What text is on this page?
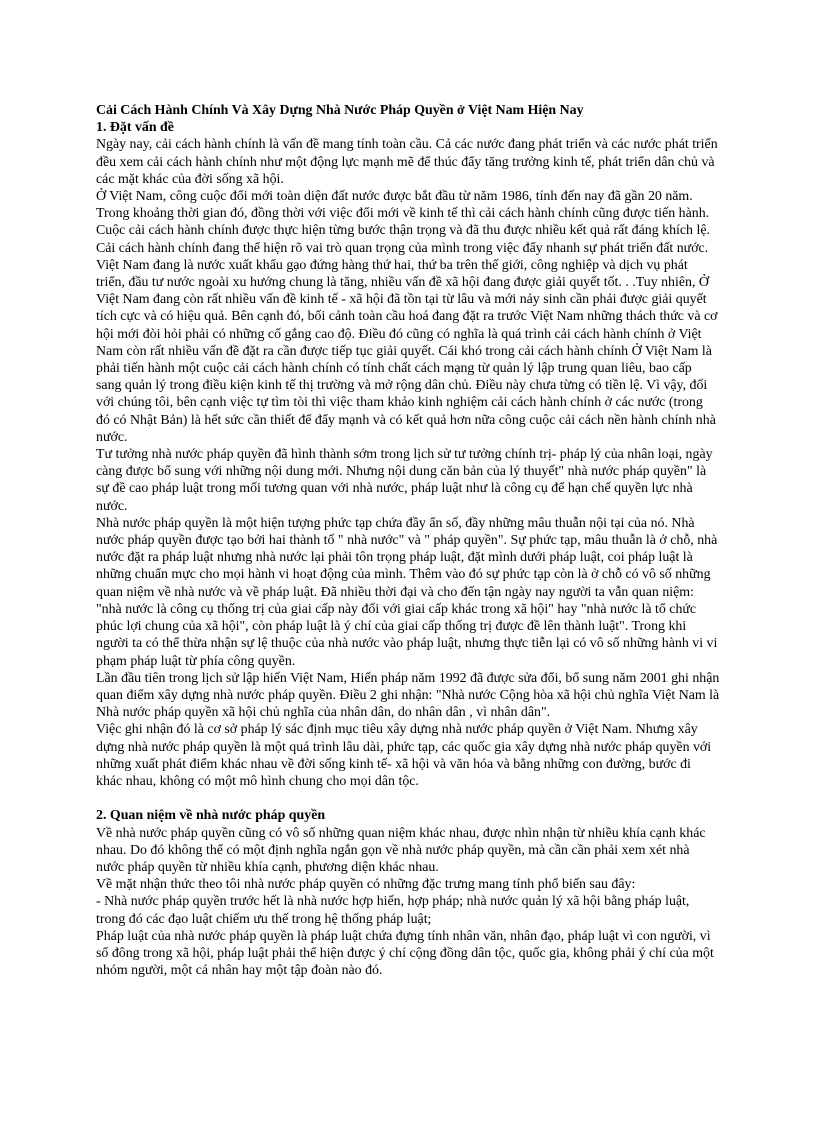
Cải Cách Hành Chính Và Xây Dựng Nhà Nước Pháp Quyền ở Việt Nam Hiện Nay
1. Đặt vấn đề

Ngày nay, cải cách hành chính là vấn đề mang tính toàn cầu. Cả các nước đang phát triển và các nước phát triển đều xem cải cách hành chính như một động lực mạnh mẽ để thúc đẩy tăng trưởng kinh tế, phát triển dân chủ và các mặt khác của đời sống xã hội.

Ở Việt Nam, công cuộc đổi mới toàn diện đất nước được bắt đầu từ năm 1986, tính đến nay đã gần 20 năm. Trong khoảng thời gian đó, đồng thời với việc đổi mới về kinh tế thì cải cách hành chính cũng được tiến hành. Cuộc cải cách hành chính được thực hiện từng bước thận trọng và đã thu được nhiều kết quả rất đáng khích lệ. Cải cách hành chính đang thể hiện rõ vai trò quan trọng của mình trong việc đẩy nhanh sự phát triển đất nước. Việt Nam đang là nước xuất khẩu gạo đứng hàng thứ hai, thứ ba trên thế giới, công nghiệp và dịch vụ phát triển, đầu tư nước ngoài xu hướng chung là tăng, nhiều vấn đề xã hội đang được giải quyết tốt. . .Tuy nhiên, Ở Việt Nam đang còn rất nhiều vấn đề kinh tế - xã hội đã tồn tại từ lâu và mới nảy sinh cần phải được giải quyết tích cực và có hiệu quả. Bên cạnh đó, bối cảnh toàn cầu hoá đang đặt ra trước Việt Nam những thách thức và cơ hội mới đòi hỏi phải có những cố gắng cao độ. Điều đó cũng có nghĩa là quá trình cải cách hành chính ở Việt Nam còn rất nhiều vấn đề đặt ra cần được tiếp tục giải quyết. Cái khó trong cải cách hành chính Ở Việt Nam là phải tiến hành một cuộc cải cách hành chính có tính chất cách mạng từ quản lý lập trung quan liêu, bao cấp sang quản lý trong điều kiện kinh tế thị trường và mở rộng dân chủ. Điều này chưa từng có tiền lệ. Vì vậy, đối với chúng tôi, bên cạnh việc tự tìm tòi thì việc tham khảo kinh nghiệm cải cách hành chính ở các nước (trong đó có Nhật Bản) là hết sức cần thiết để đẩy mạnh và có kết quả hơn nữa công cuộc cải cách nền hành chính nhà nước.

Tư tưởng nhà nước pháp quyền đã hình thành sớm trong lịch sử tư tưởng chính trị- pháp lý của nhân loại, ngày càng được bổ sung với những nội dung mới. Nhưng nội dung căn bản của lý thuyết" nhà nước pháp quyền" là sự đề cao pháp luật trong mối tương quan với nhà nước, pháp luật như là công cụ để hạn chế quyền lực nhà nước.

Nhà nước pháp quyền là một hiện tượng phức tạp chứa đầy ẩn số, đầy những mâu thuẫn nội tại của nó. Nhà nước pháp quyền được tạo bởi hai thành tố " nhà nước" và " pháp quyền". Sự phức tạp, mâu thuẫn là ở chỗ, nhà nước đặt ra pháp luật nhưng nhà nước lại phải tôn trọng pháp luật, đặt mình dưới pháp luật, coi pháp luật là những chuẩn mực cho mọi hành vi hoạt động của mình. Thêm vào đó sự phức tạp còn là ở chỗ có vô số những quan niệm về nhà nước và về pháp luật. Đã nhiều thời đại và cho đến tận ngày nay người ta vẫn quan niệm: "nhà nước là công cụ thống trị của giai cấp này đối với giai cấp khác trong xã hội" hay "nhà nước là tổ chức phúc lợi chung của xã hội", còn pháp luật là ý chí của giai cấp thống trị được đề lên thành luật". Trong khi người ta có thể thừa nhận sự lệ thuộc của nhà nước vào pháp luật, nhưng thực tiễn lại có vô số những hành vi vi phạm pháp luật từ phía công quyền.

Lần đầu tiên trong lịch sử lập hiến Việt Nam, Hiến pháp năm 1992 đã được sửa đổi, bổ sung năm 2001 ghi nhận quan điểm xây dựng nhà nước pháp quyền. Điều 2 ghi nhận: "Nhà nước Cộng hòa xã hội chủ nghĩa Việt Nam là Nhà nước pháp quyền xã hội chủ nghĩa của nhân dân, do nhân dân , vì nhân dân".

Việc ghi nhận đó là cơ sở pháp lý sác định mục tiêu xây dựng nhà nước pháp quyền ở Việt Nam. Nhưng xây dựng nhà nước pháp quyền là một quá trình lâu dài, phức tạp, các quốc gia xây dựng nhà nước pháp quyền với những xuất phát điểm khác nhau về đời sống kinh tế- xã hội và văn hóa và bằng những con đường, bước đi khác nhau, không có một mô hình chung cho mọi dân tộc.

2. Quan niệm về nhà nước pháp quyền

Về nhà nước pháp quyền cũng có vô số những quan niệm khác nhau, được nhìn nhận từ nhiều khía cạnh khác nhau. Do đó không thể có một định nghĩa ngắn gọn về nhà nước pháp quyền, mà cần cần phải xem xét nhà nước pháp quyền từ nhiều khía cạnh, phương diện khác nhau.

Về mặt nhận thức theo tôi nhà nước pháp quyền có những đặc trưng mang tính phổ biến sau đây:

- Nhà nước pháp quyền trước hết là nhà nước hợp hiến, hợp pháp; nhà nước quản lý xã hội bằng pháp luật, trong đó các đạo luật chiếm ưu thế trong hệ thống pháp luật;

Pháp luật của nhà nước pháp quyền là pháp luật chứa đựng tính nhân văn, nhân đạo, pháp luật vì con người, vì số đông trong xã hội, pháp luật phải thể hiện được ý chí cộng đồng dân tộc, quốc gia, không phải ý chí của một nhóm người, một cá nhân hay một tập đoàn nào đó.
